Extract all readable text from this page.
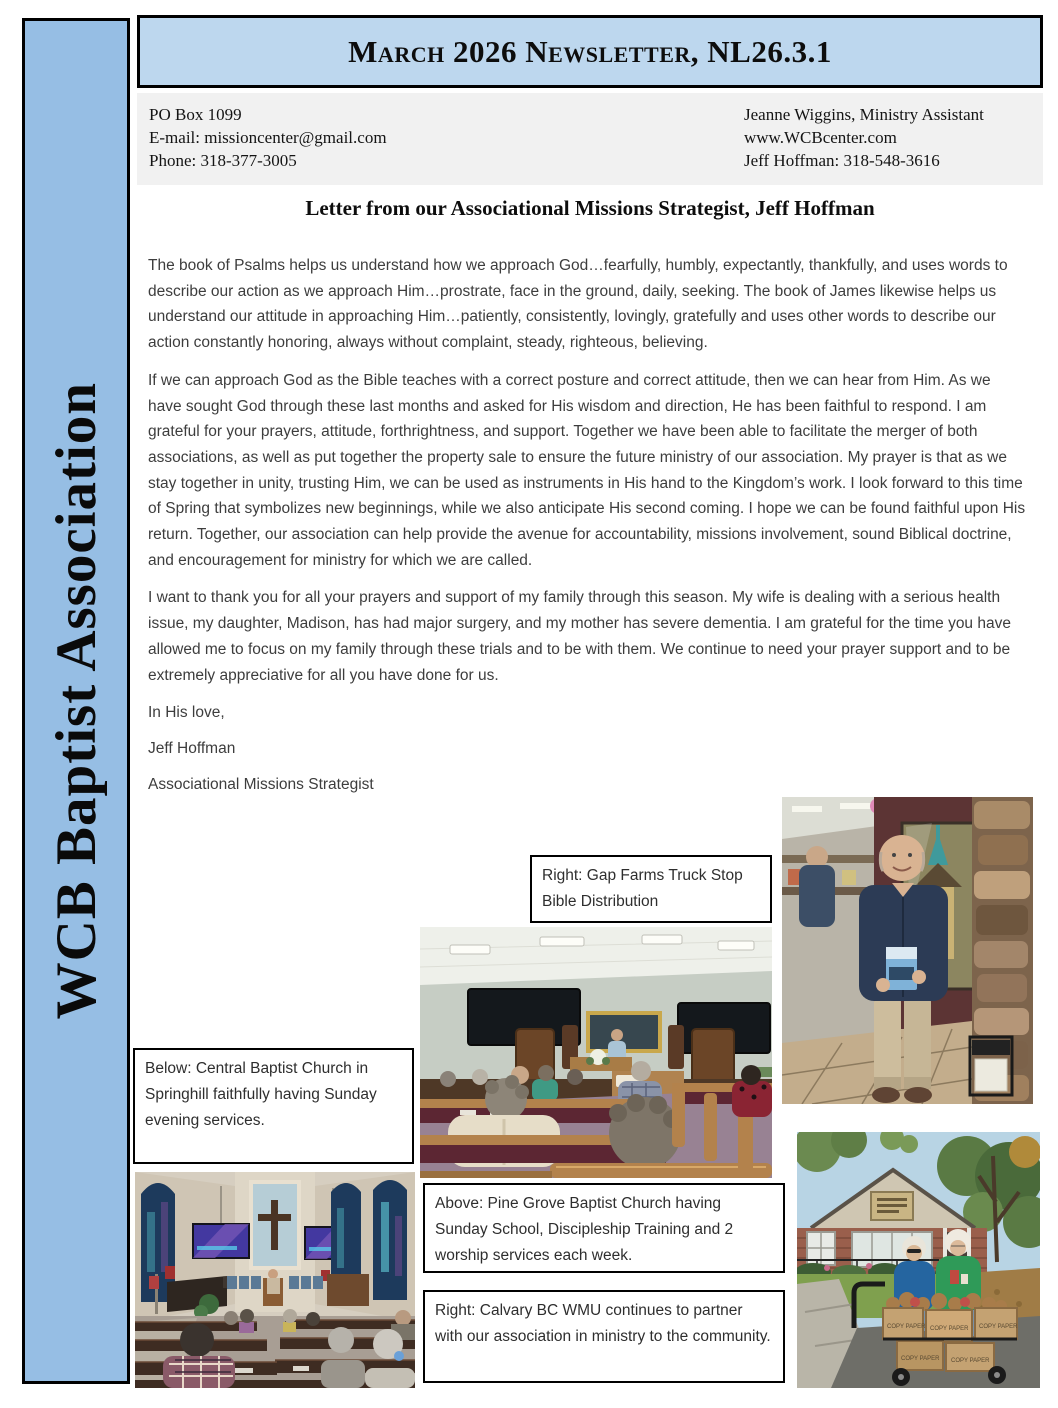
WCB Baptist Association
March 2026 Newsletter, NL26.3.1

PO Box 1099

E-mail: missioncenter@gmail.com

Phone: 318-377-3005

Jeanne Wiggins, Ministry Assistant

www.WCBcenter.com

Jeff Hoffman: 318-548-3616

Letter from our Associational Missions Strategist, Jeff Hoffman

The book of Psalms helps us understand how we approach God…fearfully, humbly, expectantly, thankfully, and uses words to describe our action as we approach Him…prostrate, face in the ground, daily, seeking. The book of James likewise helps us understand our attitude in approaching Him…patiently, consistently, lovingly, gratefully and uses other words to describe our action constantly honoring, always without complaint, steady, righteous, believing.

If we can approach God as the Bible teaches with a correct posture and correct attitude, then we can hear from Him. As we have sought God through these last months and asked for His wisdom and direction, He has been faithful to respond. I am grateful for your prayers, attitude, forthrightness, and support. Together we have been able to facilitate the merger of both associations, as well as put together the property sale to ensure the future ministry of our association. My prayer is that as we stay together in unity, trusting Him, we can be used as instruments in His hand to the Kingdom’s work. I look forward to this time of Spring that symbolizes new beginnings, while we also anticipate His second coming. I hope we can be found faithful upon His return. Together, our association can help provide the avenue for accountability, missions involvement, sound Biblical doctrine, and encouragement for ministry for which we are called.

I want to thank you for all your prayers and support of my family through this season. My wife is dealing with a serious health issue, my daughter, Madison, has had major surgery, and my mother has severe dementia. I am grateful for the time you have allowed me to focus on my family through these trials and to be with them. We continue to need your prayer support and to be extremely appreciative for all you have done for us.

In His love,

Jeff Hoffman

Associational Missions Strategist

Right: Gap Farms Truck Stop Bible Distribution
Below: Central Baptist Church in Springhill faithfully having Sunday evening services.
Above: Pine Grove Baptist Church having Sunday School, Discipleship Training and 2 worship services each week.
Right: Calvary BC WMU continues to partner with our association in ministry to the community.
COPY PAPER COPY PAPER COPY PAPER
COPY PAPER COPY PAPER
